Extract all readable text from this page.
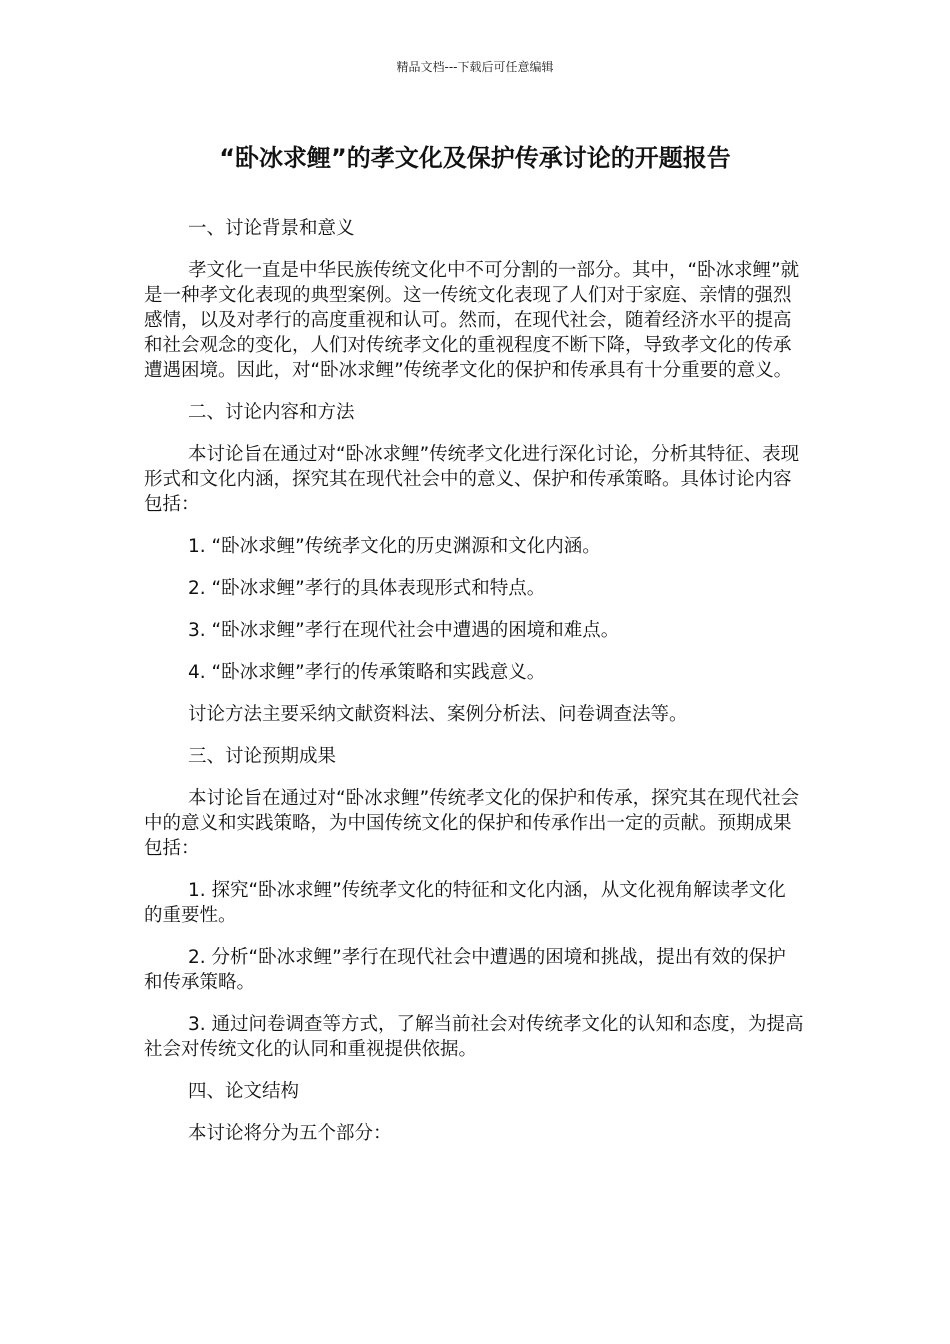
精品文档---下载后可任意编辑
“卧冰求鲤”的孝文化及保护传承讨论的开题报告

一、讨论背景和意义

孝文化一直是中华民族传统文化中不可分割的一部分。其中，“卧冰求鲤”就是一种孝文化表现的典型案例。这一传统文化表现了人们对于家庭、亲情的强烈感情，以及对孝行的高度重视和认可。然而，在现代社会，随着经济水平的提高和社会观念的变化，人们对传统孝文化的重视程度不断下降，导致孝文化的传承遭遇困境。因此，对“卧冰求鲤”传统孝文化的保护和传承具有十分重要的意义。

二、讨论内容和方法

本讨论旨在通过对“卧冰求鲤”传统孝文化进行深化讨论，分析其特征、表现形式和文化内涵，探究其在现代社会中的意义、保护和传承策略。具体讨论内容包括：

1. “卧冰求鲤”传统孝文化的历史渊源和文化内涵。

2. “卧冰求鲤”孝行的具体表现形式和特点。

3. “卧冰求鲤”孝行在现代社会中遭遇的困境和难点。

4. “卧冰求鲤”孝行的传承策略和实践意义。

讨论方法主要采纳文献资料法、案例分析法、问卷调查法等。

三、讨论预期成果

本讨论旨在通过对“卧冰求鲤”传统孝文化的保护和传承，探究其在现代社会中的意义和实践策略，为中国传统文化的保护和传承作出一定的贡献。预期成果包括：

1. 探究“卧冰求鲤”传统孝文化的特征和文化内涵，从文化视角解读孝文化的重要性。

2. 分析“卧冰求鲤”孝行在现代社会中遭遇的困境和挑战，提出有效的保护和传承策略。

3. 通过问卷调查等方式，了解当前社会对传统孝文化的认知和态度，为提高社会对传统文化的认同和重视提供依据。

四、论文结构

本讨论将分为五个部分：
